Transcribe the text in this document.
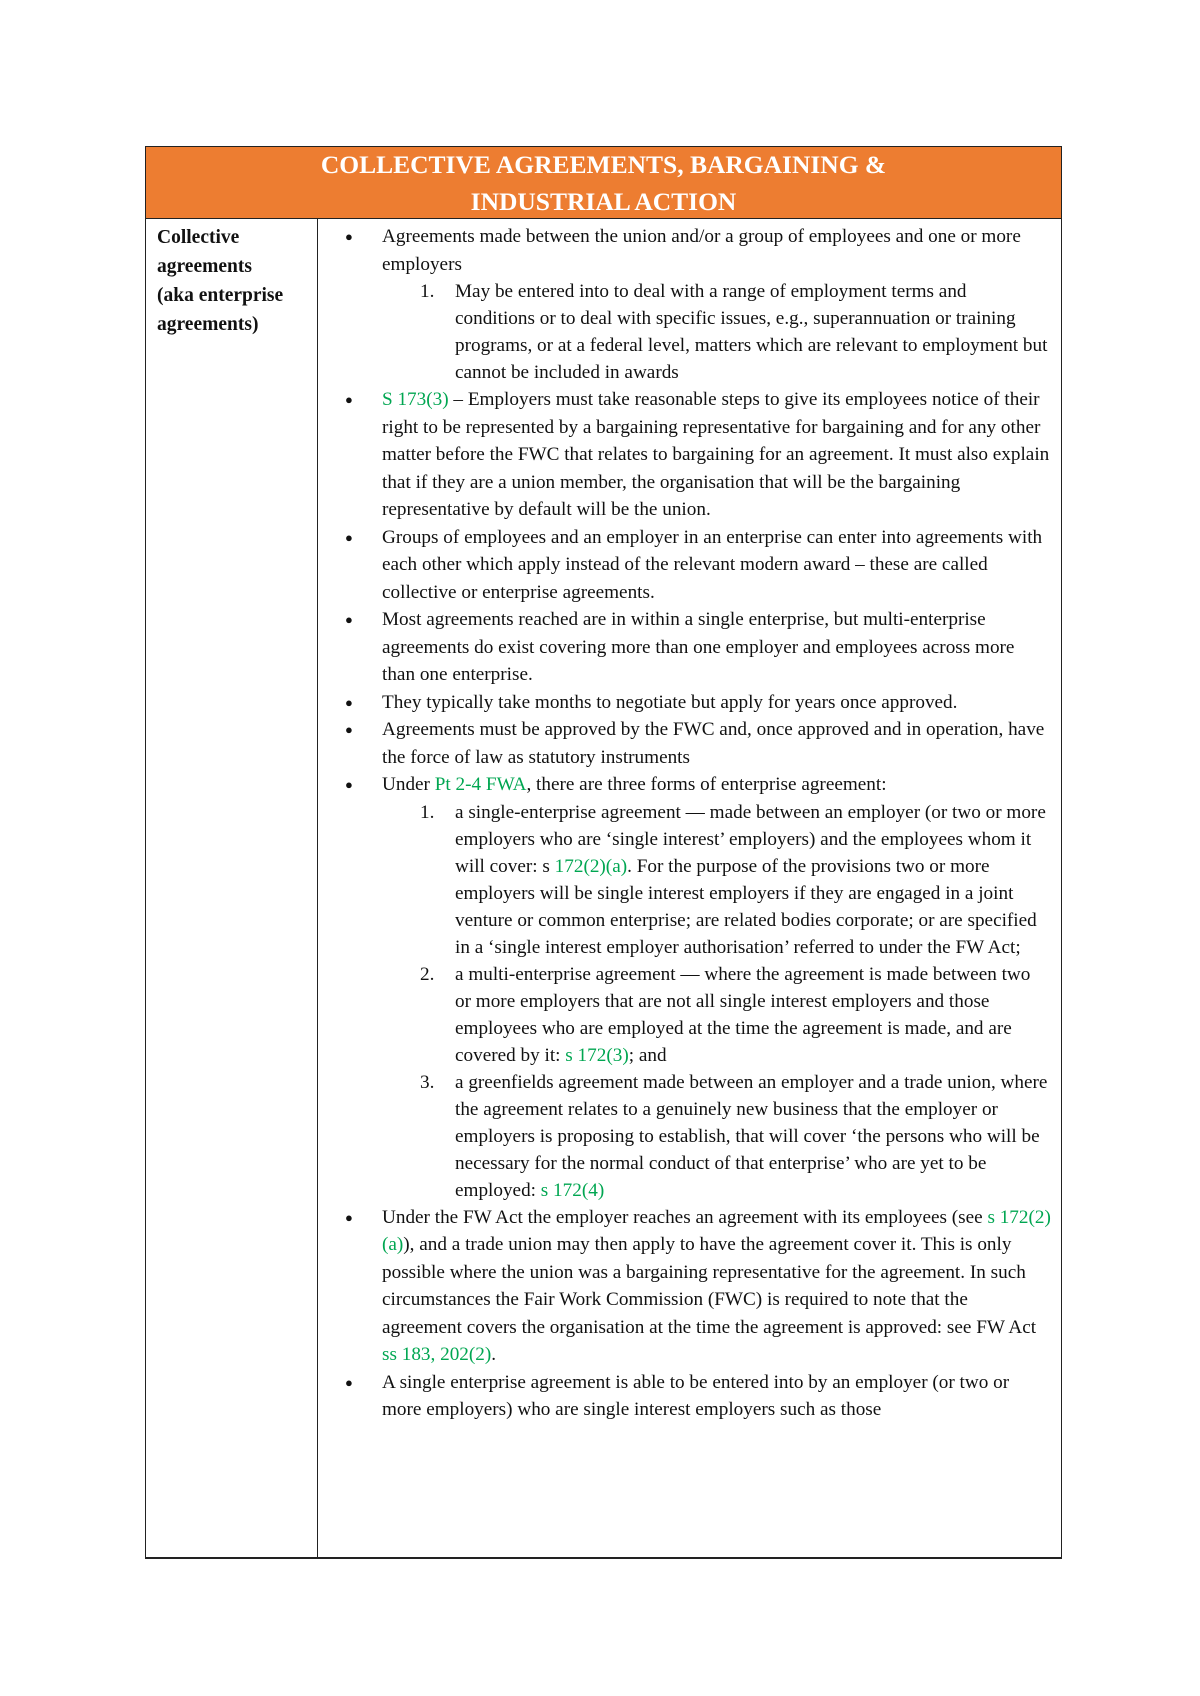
COLLECTIVE AGREEMENTS, BARGAINING &
INDUSTRIAL ACTION
Collective
agreements
(aka enterprise
agreements)
● Agreements made between the union and/or a group of employees and one or more employers
1. May be entered into to deal with a range of employment terms and conditions or to deal with specific issues, e.g., superannuation or training programs, or at a federal level, matters which are relevant to employment but cannot be included in awards
● S 173(3) – Employers must take reasonable steps to give its employees notice of their right to be represented by a bargaining representative for bargaining and for any other matter before the FWC that relates to bargaining for an agreement. It must also explain that if they are a union member, the organisation that will be the bargaining representative by default will be the union.
● Groups of employees and an employer in an enterprise can enter into agreements with each other which apply instead of the relevant modern award – these are called collective or enterprise agreements.
● Most agreements reached are in within a single enterprise, but multi-enterprise agreements do exist covering more than one employer and employees across more than one enterprise.
● They typically take months to negotiate but apply for years once approved.
● Agreements must be approved by the FWC and, once approved and in operation, have the force of law as statutory instruments
● Under Pt 2-4 FWA, there are three forms of enterprise agreement:
1. a single-enterprise agreement — made between an employer (or two or more employers who are ‘single interest’ employers) and the employees whom it will cover: s 172(2)(a). For the purpose of the provisions two or more employers will be single interest employers if they are engaged in a joint venture or common enterprise; are related bodies corporate; or are specified in a ‘single interest employer authorisation’ referred to under the FW Act;
2. a multi-enterprise agreement — where the agreement is made between two or more employers that are not all single interest employers and those employees who are employed at the time the agreement is made, and are covered by it: s 172(3); and
3. a greenfields agreement made between an employer and a trade union, where the agreement relates to a genuinely new business that the employer or employers is proposing to establish, that will cover ‘the persons who will be necessary for the normal conduct of that enterprise’ who are yet to be employed: s 172(4)
● Under the FW Act the employer reaches an agreement with its employees (see s 172(2)(a)), and a trade union may then apply to have the agreement cover it. This is only possible where the union was a bargaining representative for the agreement. In such circumstances the Fair Work Commission (FWC) is required to note that the agreement covers the organisation at the time the agreement is approved: see FW Act ss 183, 202(2).
● A single enterprise agreement is able to be entered into by an employer (or two or more employers) who are single interest employers such as those
